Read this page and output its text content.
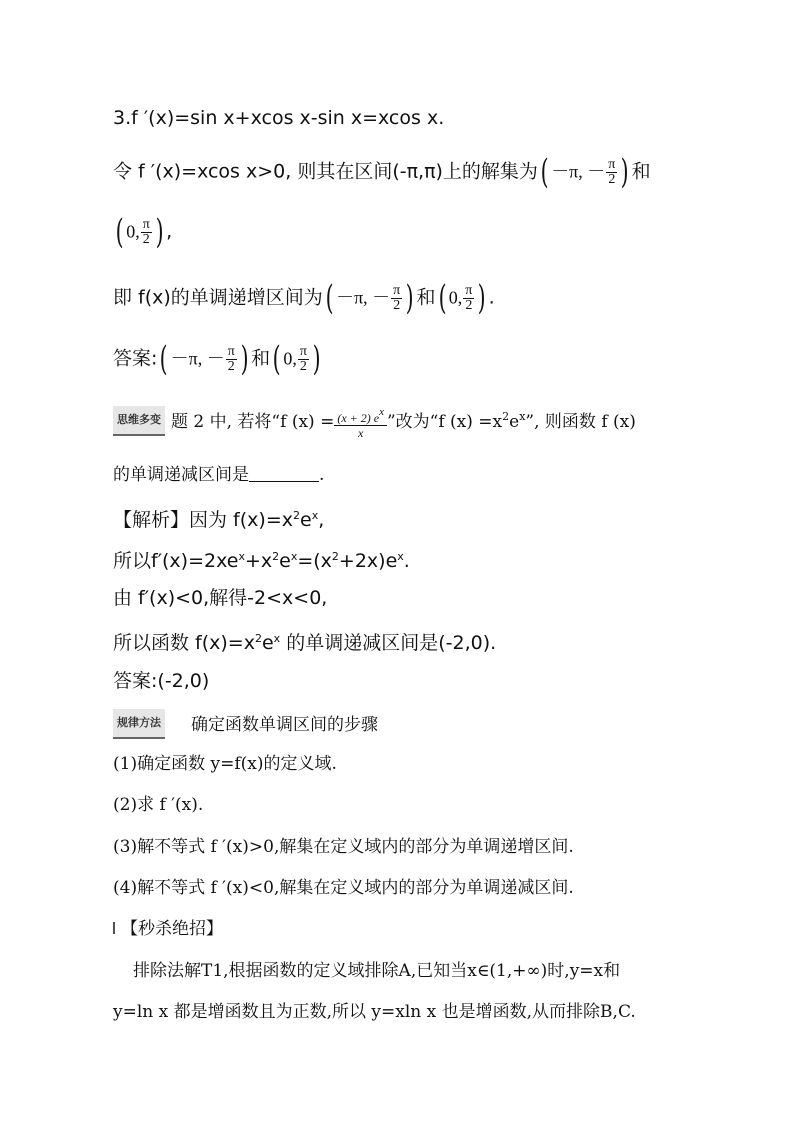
3.f ′(x)=sin x+xcos x-sin x=xcos x.
令 f ′(x)=xcos x>0, 则其在区间(-π,π)上的解集为( －π, － $\frac{\pi}{2}$ ) 和
( 0, $\frac{\pi}{2}$ ) ,
即 f(x)的单调递增区间为( －π, － $\frac{\pi}{2}$ ) 和( 0, $\frac{\pi}{2}$ ) .
答案:( －π, － $\frac{\pi}{2}$ ) 和( 0, $\frac{\pi}{2}$ )
思维多变 题 2 中, 若将“f $(x) = \frac{(x + 2) e^x}{x}$ ”改为“f $(x) =x^2e^x$”, 则函数 f (x)
的单调递减区间是	.
【解析】因为 $f(x)=x^2e^x$,
所以$f'(x)=2xe^x+x^2e^x=(x^2+2x)e^x$.
由 f′(x)<0,解得-2<x<0,
所以函数 $f(x)=x^2e^x$ 的单调递减区间是(-2,0).
答案:(-2,0)
规律方法 确定函数单调区间的步骤
(1)确定函数 y=f(x)的定义域.
(2)求 f ′(x).
(3)解不等式 f ′(x)>0,解集在定义域内的部分为单调递增区间.
(4)解不等式 f ′(x)<0,解集在定义域内的部分为单调递减区间.
【秒杀绝招】
排除法解T1,根据函数的定义域排除A,已知当x∈(1,+∞)时,y=x和
y=ln x 都是增函数且为正数,所以 y=xln x 也是增函数,从而排除B,C.
